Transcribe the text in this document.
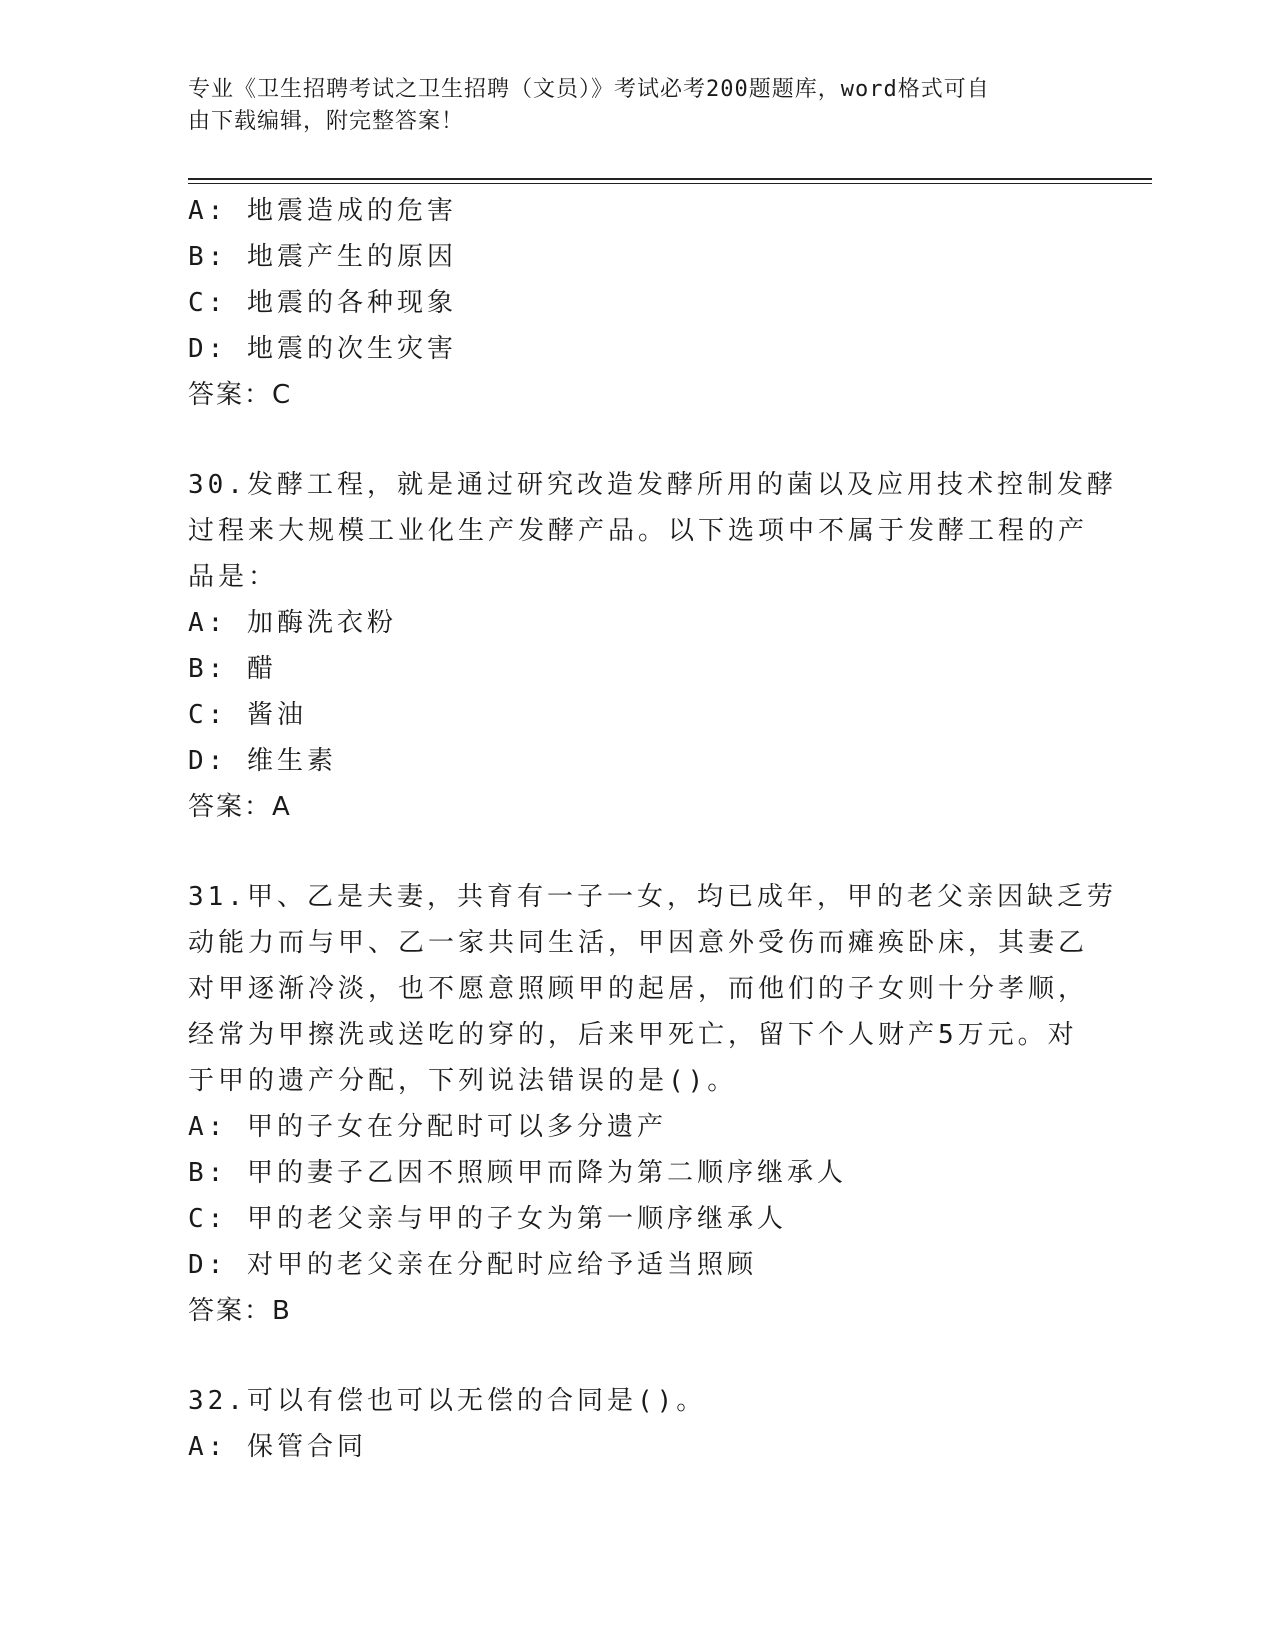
专业《卫生招聘考试之卫生招聘（文员）》考试必考200题题库，word格式可自
由下载编辑，附完整答案！
A: 地震造成的危害
B: 地震产生的原因
C: 地震的各种现象
D: 地震的次生灾害
答案：C
30.发酵工程，就是通过研究改造发酵所用的菌以及应用技术控制发酵
过程来大规模工业化生产发酵产品。以下选项中不属于发酵工程的产
品是：
A: 加酶洗衣粉
B: 醋
C: 酱油
D: 维生素
答案：A
31.甲、乙是夫妻，共育有一子一女，均已成年，甲的老父亲因缺乏劳
动能力而与甲、乙一家共同生活，甲因意外受伤而瘫痪卧床，其妻乙
对甲逐渐冷淡，也不愿意照顾甲的起居，而他们的子女则十分孝顺，
经常为甲擦洗或送吃的穿的，后来甲死亡，留下个人财产5万元。对
于甲的遗产分配，下列说法错误的是()。
A: 甲的子女在分配时可以多分遗产
B: 甲的妻子乙因不照顾甲而降为第二顺序继承人
C: 甲的老父亲与甲的子女为第一顺序继承人
D: 对甲的老父亲在分配时应给予适当照顾
答案：B
32.可以有偿也可以无偿的合同是()。
A: 保管合同
